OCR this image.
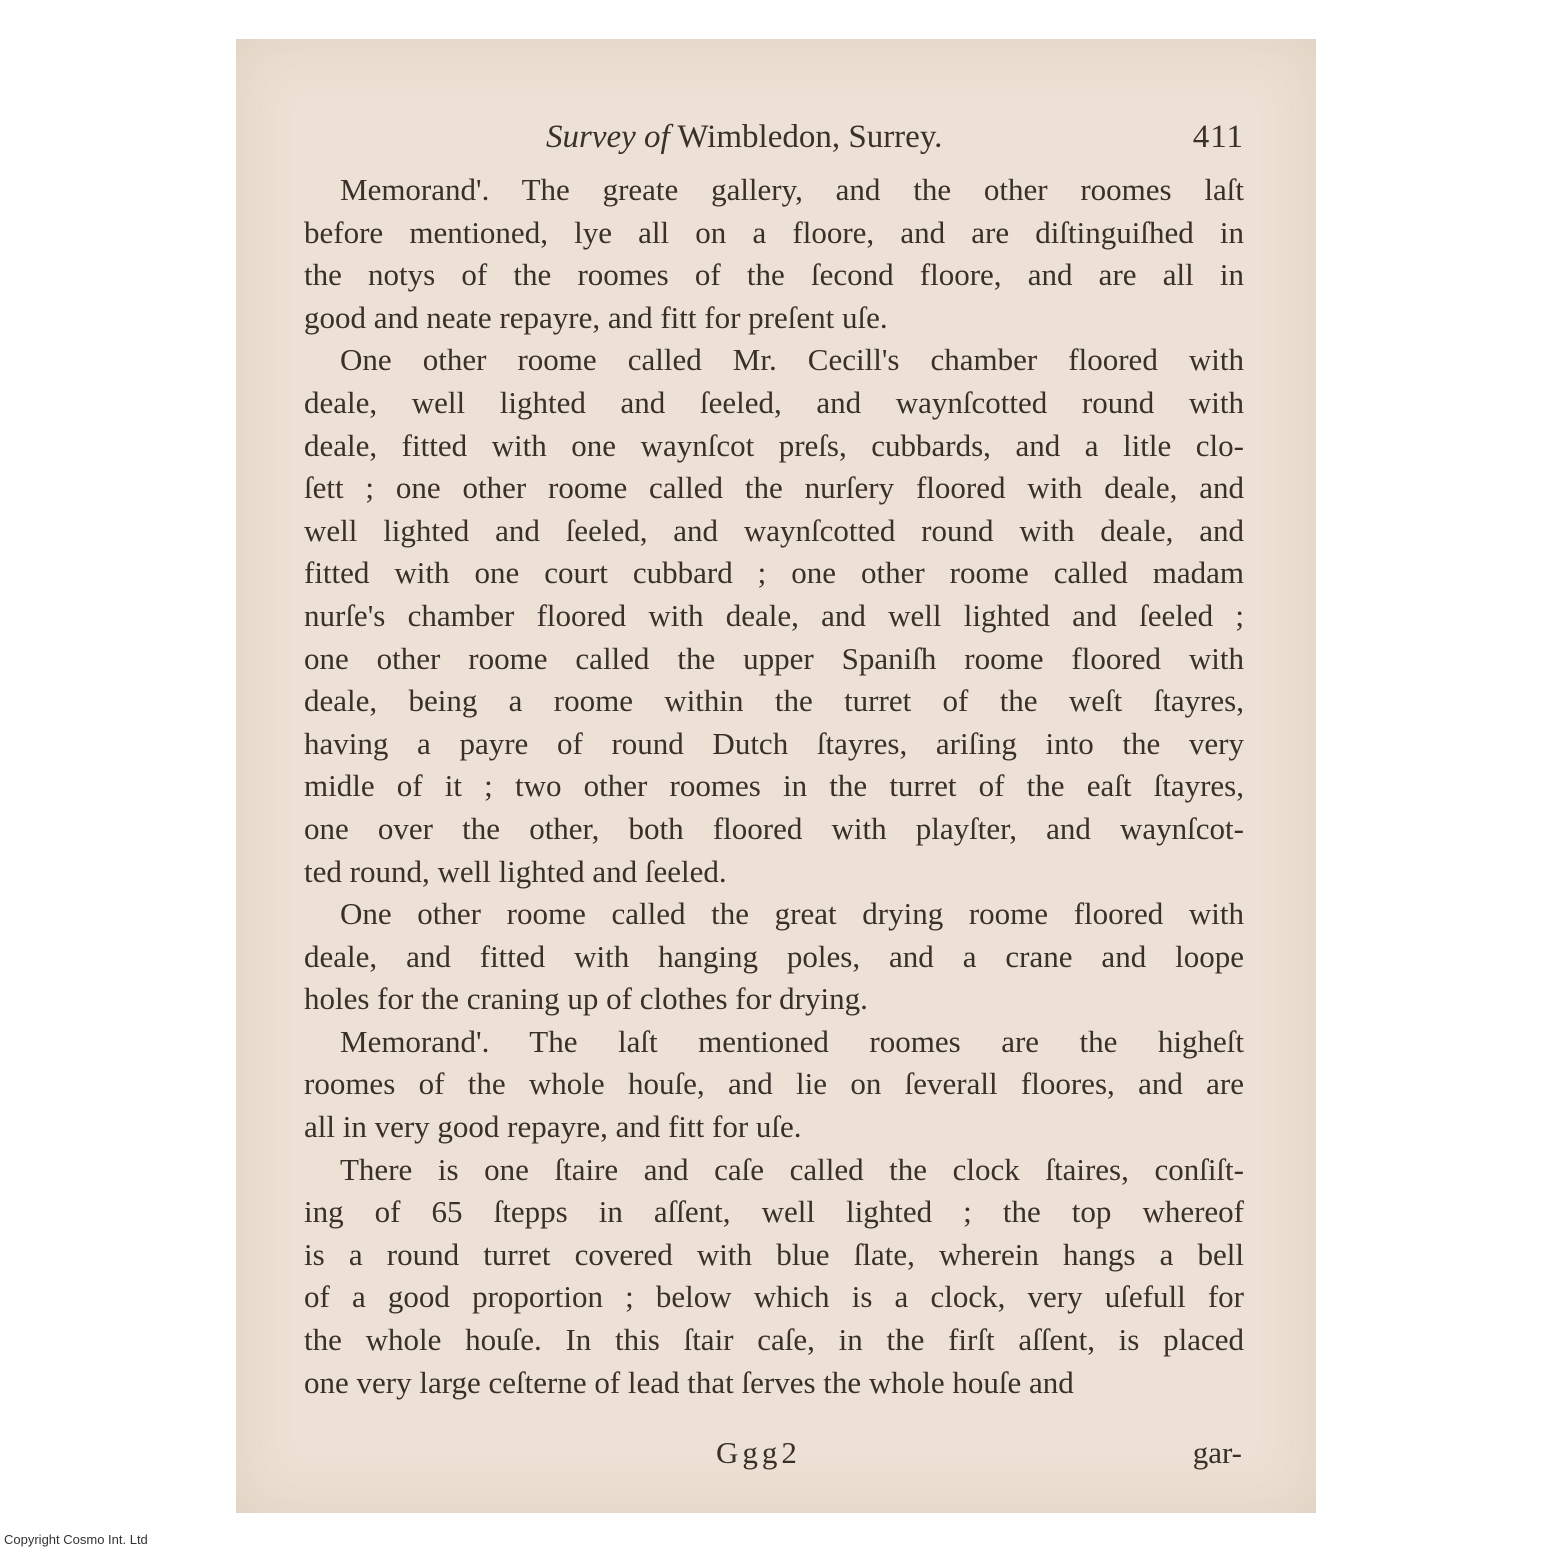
Survey of Wimbledon, Surrey.	411

Memorand'. The greate gallery, and the other roomes laſt
before mentioned, lye all on a floore, and are diſtinguiſhed in
the notys of the roomes of the ſecond floore, and are all in
good and neate repayre, and fitt for preſent uſe.

One other roome called Mr. Cecill's chamber floored with
deale, well lighted and ſeeled, and waynſcotted round with
deale, fitted with one waynſcot preſs, cubbards, and a litle clo-
ſett ; one other roome called the nurſery floored with deale, and
well lighted and ſeeled, and waynſcotted round with deale, and
fitted with one court cubbard ; one other roome called madam
nurſe's chamber floored with deale, and well lighted and ſeeled ;
one other roome called the upper Spaniſh roome floored with
deale, being a roome within the turret of the weſt ſtayres,
having a payre of round Dutch ſtayres, ariſing into the very
midle of it ; two other roomes in the turret of the eaſt ſtayres,
one over the other, both floored with playſter, and waynſcot-
ted round, well lighted and ſeeled.

One other roome called the great drying roome floored with
deale, and fitted with hanging poles, and a crane and loope
holes for the craning up of clothes for drying.

Memorand'. The laſt mentioned roomes are the higheſt
roomes of the whole houſe, and lie on ſeverall floores, and are
all in very good repayre, and fitt for uſe.

There is one ſtaire and caſe called the clock ſtaires, conſiſt-
ing of 65 ſtepps in aſſent, well lighted ; the top whereof
is a round turret covered with blue ſlate, wherein hangs a bell
of a good proportion ; below which is a clock, very uſefull for
the whole houſe. In this ſtair caſe, in the firſt aſſent, is placed
one very large ceſterne of lead that ſerves the whole houſe and

Ggg2	gar-
Copyright Cosmo Int. Ltd
